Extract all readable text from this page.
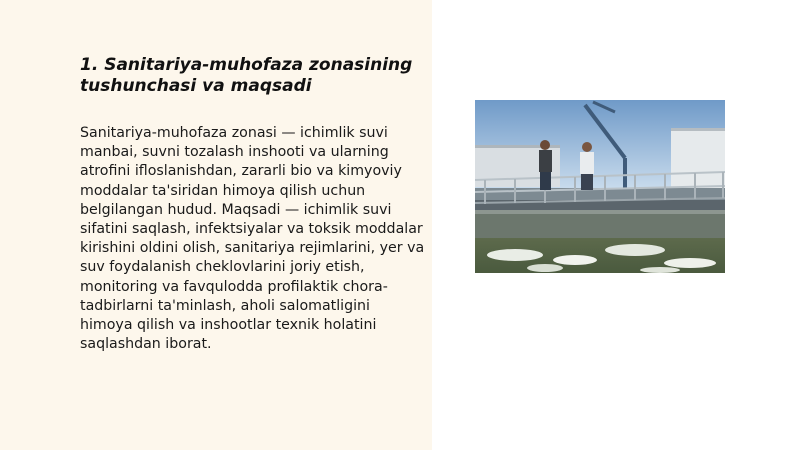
1. Sanitariya-muhofaza zonasining tushunchasi va maqsadi

Sanitariya-muhofaza zonasi — ichimlik suvi manbai, suvni tozalash inshooti va ularning atrofini ifloslanishdan, zararli bio va kimyoviy moddalar ta'siridan himoya qilish uchun belgilangan hudud. Maqsadi — ichimlik suvi sifatini saqlash, infektsiyalar va toksik moddalar kirishini oldini olish, sanitariya rejimlarini, yer va suv foydalanish cheklovlarini joriy etish, monitoring va favqulodda profilaktik chora-tadbirlarni ta'minlash, aholi salomatligini himoya qilish va inshootlar texnik holatini saqlashdan iborat.
